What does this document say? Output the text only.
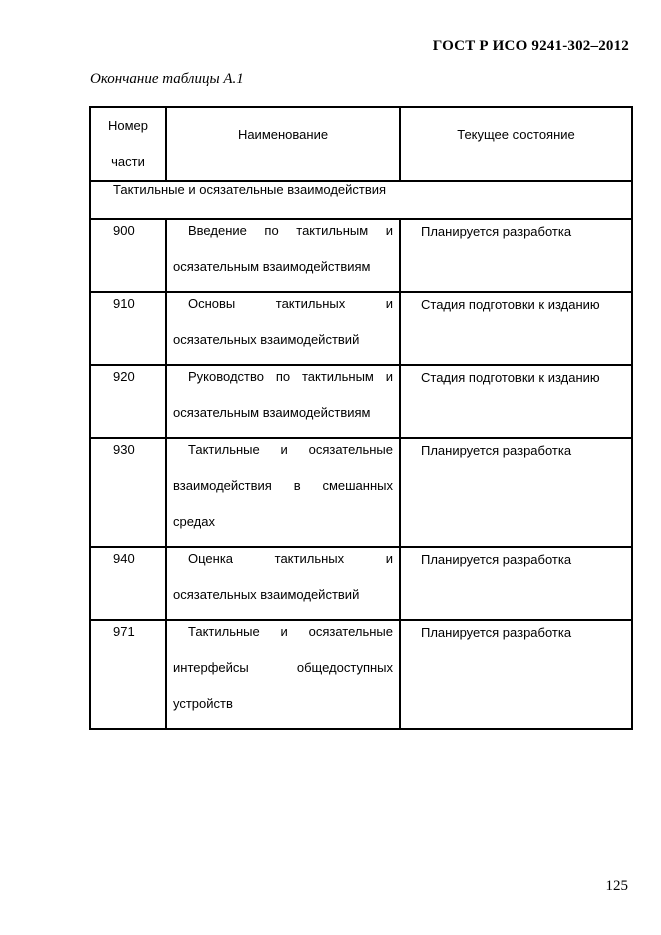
ГОСТ Р ИСО 9241-302–2012
Окончание таблицы А.1
Номер части	Наименование	Текущее состояние
Тактильные и осязательные взаимодействия		
900	Введение по тактильным и осязательным взаимодействиям	Планируется разработка
910	Основы тактильных и осязательных взаимодействий	Стадия подготовки к изданию
920	Руководство по тактильным и осязательным взаимодействиям	Стадия подготовки к изданию
930	Тактильные и осязательные взаимодействия в смешанных средах	Планируется разработка
940	Оценка тактильных и осязательных взаимодействий	Планируется разработка
971	Тактильные и осязательные интерфейсы общедоступных устройств	Планируется разработка
125
